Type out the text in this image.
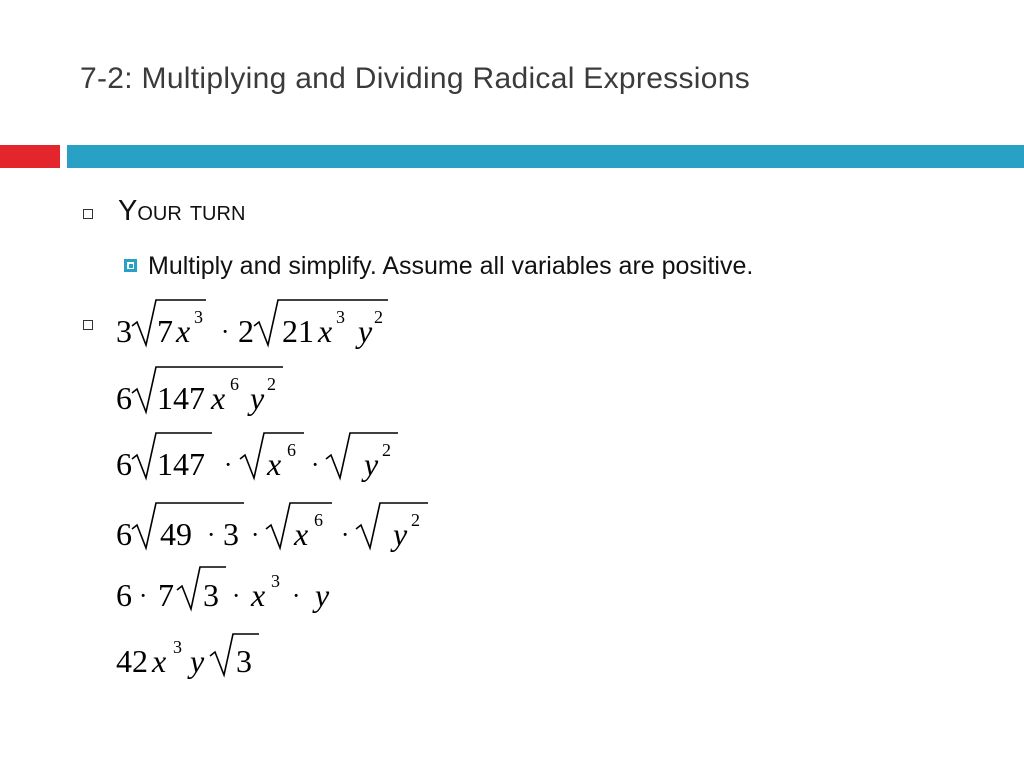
7-2: Multiplying and Dividing Radical Expressions
Your turn
Multiply and simplify. Assume all variables are positive.
3 7 x 3 ∙ 2 21 x 3 y 2
6 147 x 6 y 2
6 147 ∙ x 6 ∙ y 2
6 49 ∙ 3 ∙ x 6 ∙ y 2
6 ∙ 7 3 ∙ x 3 ∙ y
42 x 3 y 3
